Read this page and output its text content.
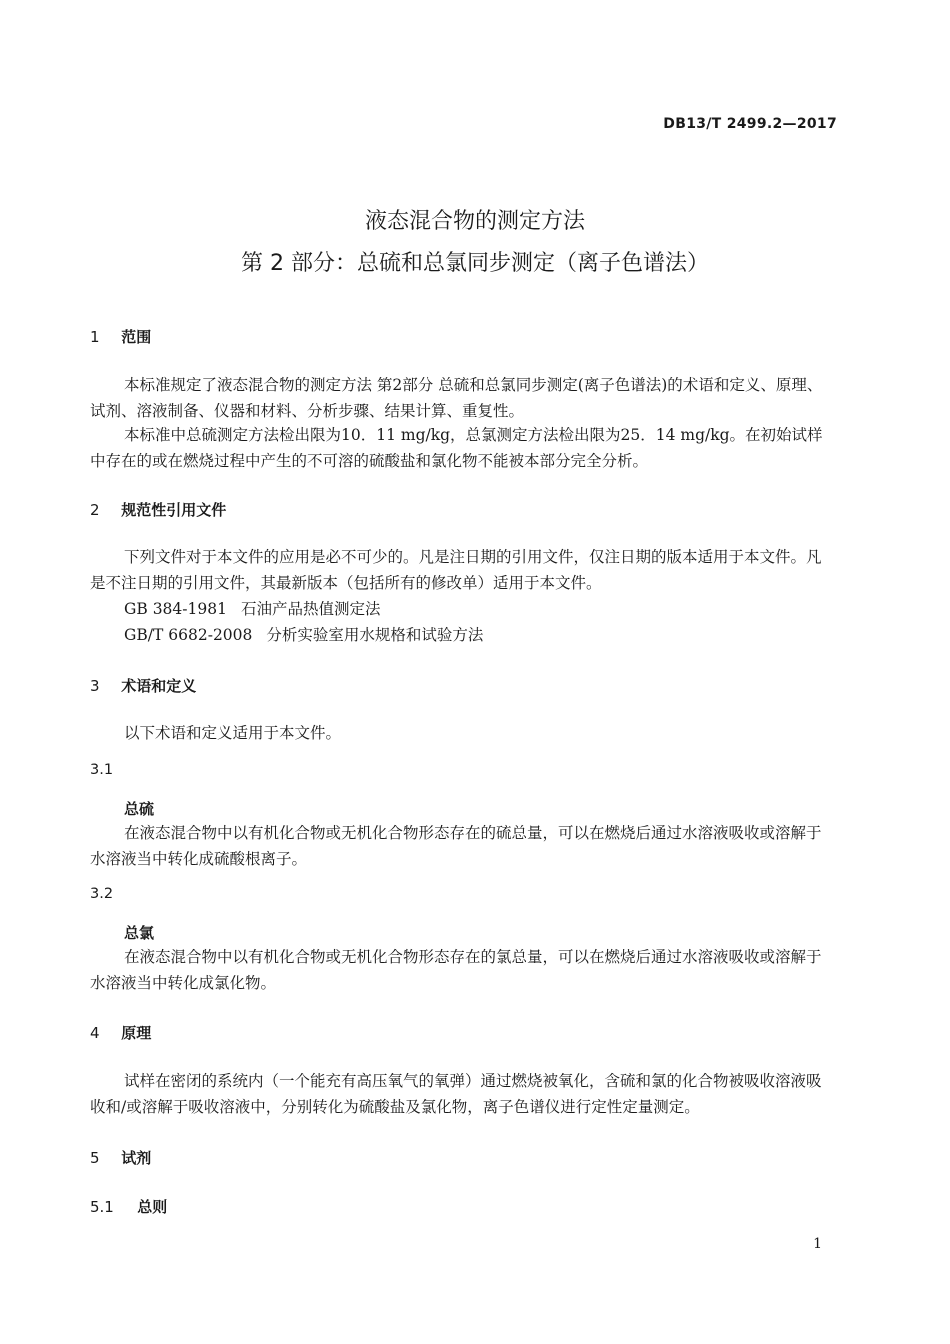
DB13/T 2499.2—2017
液态混合物的测定方法
第 2 部分：总硫和总氯同步测定（离子色谱法）
1 范围

本标准规定了液态混合物的测定方法 第2部分 总硫和总氯同步测定(离子色谱法)的术语和定义、原理、试剂、溶液制备、仪器和材料、分析步骤、结果计算、重复性。

本标准中总硫测定方法检出限为10．11 mg/kg，总氯测定方法检出限为25．14 mg/kg。在初始试样中存在的或在燃烧过程中产生的不可溶的硫酸盐和氯化物不能被本部分完全分析。

2 规范性引用文件

下列文件对于本文件的应用是必不可少的。凡是注日期的引用文件，仅注日期的版本适用于本文件。凡是不注日期的引用文件，其最新版本（包括所有的修改单）适用于本文件。

GB 384-1981 石油产品热值测定法
GB/T 6682-2008 分析实验室用水规格和试验方法
3 术语和定义

以下术语和定义适用于本文件。

3.1
总硫

在液态混合物中以有机化合物或无机化合物形态存在的硫总量，可以在燃烧后通过水溶液吸收或溶解于水溶液当中转化成硫酸根离子。

3.2
总氯

在液态混合物中以有机化合物或无机化合物形态存在的氯总量，可以在燃烧后通过水溶液吸收或溶解于水溶液当中转化成氯化物。

4 原理

试样在密闭的系统内（一个能充有高压氧气的氧弹）通过燃烧被氧化，含硫和氯的化合物被吸收溶液吸收和/或溶解于吸收溶液中，分别转化为硫酸盐及氯化物，离子色谱仪进行定性定量测定。

5 试剂
5.1 总则
1
